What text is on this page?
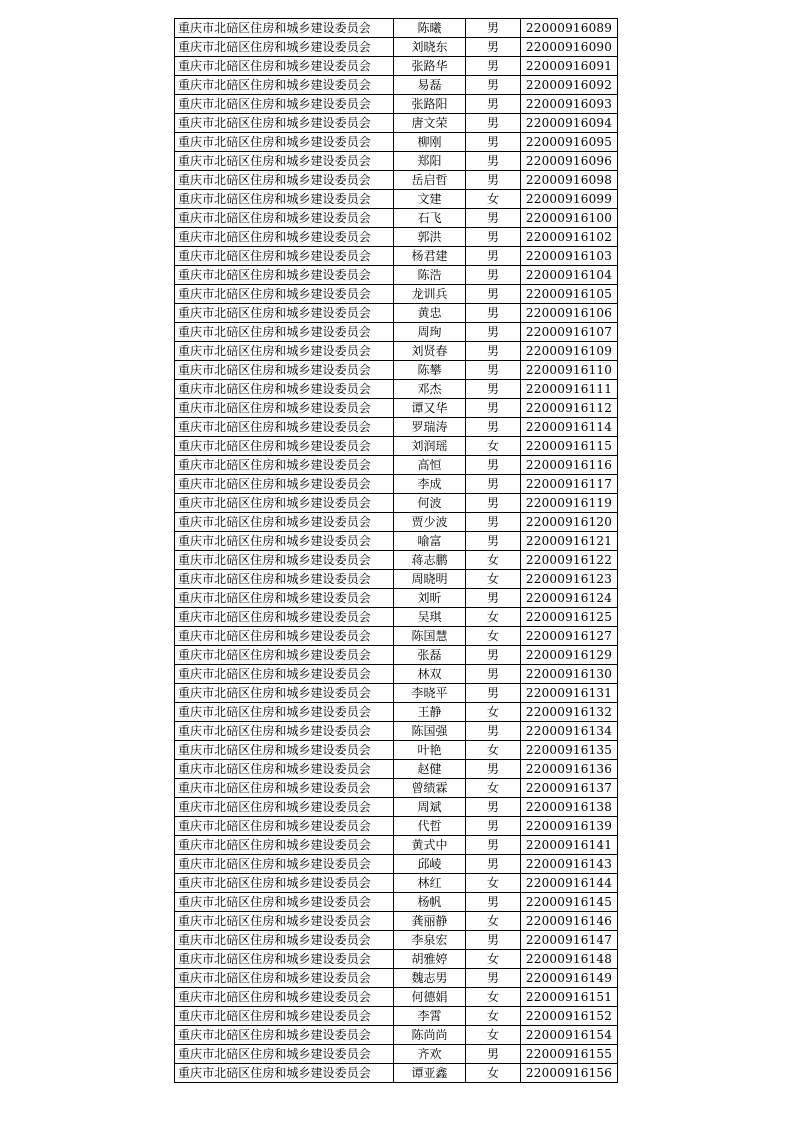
重庆市北碚区住房和城乡建设委员会	陈曦	男	22000916089
重庆市北碚区住房和城乡建设委员会	刘晓东	男	22000916090
重庆市北碚区住房和城乡建设委员会	张路华	男	22000916091
重庆市北碚区住房和城乡建设委员会	易磊	男	22000916092
重庆市北碚区住房和城乡建设委员会	张路阳	男	22000916093
重庆市北碚区住房和城乡建设委员会	唐文荣	男	22000916094
重庆市北碚区住房和城乡建设委员会	柳刚	男	22000916095
重庆市北碚区住房和城乡建设委员会	郑阳	男	22000916096
重庆市北碚区住房和城乡建设委员会	岳启哲	男	22000916098
重庆市北碚区住房和城乡建设委员会	文建	女	22000916099
重庆市北碚区住房和城乡建设委员会	石飞	男	22000916100
重庆市北碚区住房和城乡建设委员会	郭洪	男	22000916102
重庆市北碚区住房和城乡建设委员会	杨君建	男	22000916103
重庆市北碚区住房和城乡建设委员会	陈浩	男	22000916104
重庆市北碚区住房和城乡建设委员会	龙训兵	男	22000916105
重庆市北碚区住房和城乡建设委员会	黄忠	男	22000916106
重庆市北碚区住房和城乡建设委员会	周珣	男	22000916107
重庆市北碚区住房和城乡建设委员会	刘贤春	男	22000916109
重庆市北碚区住房和城乡建设委员会	陈攀	男	22000916110
重庆市北碚区住房和城乡建设委员会	邓杰	男	22000916111
重庆市北碚区住房和城乡建设委员会	谭又华	男	22000916112
重庆市北碚区住房和城乡建设委员会	罗瑞涛	男	22000916114
重庆市北碚区住房和城乡建设委员会	刘润瑶	女	22000916115
重庆市北碚区住房和城乡建设委员会	高恒	男	22000916116
重庆市北碚区住房和城乡建设委员会	李成	男	22000916117
重庆市北碚区住房和城乡建设委员会	何波	男	22000916119
重庆市北碚区住房和城乡建设委员会	贾少波	男	22000916120
重庆市北碚区住房和城乡建设委员会	喻富	男	22000916121
重庆市北碚区住房和城乡建设委员会	蒋志鹏	女	22000916122
重庆市北碚区住房和城乡建设委员会	周晓明	女	22000916123
重庆市北碚区住房和城乡建设委员会	刘昕	男	22000916124
重庆市北碚区住房和城乡建设委员会	吴琪	女	22000916125
重庆市北碚区住房和城乡建设委员会	陈国慧	女	22000916127
重庆市北碚区住房和城乡建设委员会	张磊	男	22000916129
重庆市北碚区住房和城乡建设委员会	林双	男	22000916130
重庆市北碚区住房和城乡建设委员会	李晓平	男	22000916131
重庆市北碚区住房和城乡建设委员会	王静	女	22000916132
重庆市北碚区住房和城乡建设委员会	陈国强	男	22000916134
重庆市北碚区住房和城乡建设委员会	叶艳	女	22000916135
重庆市北碚区住房和城乡建设委员会	赵健	男	22000916136
重庆市北碚区住房和城乡建设委员会	曾绩霖	女	22000916137
重庆市北碚区住房和城乡建设委员会	周斌	男	22000916138
重庆市北碚区住房和城乡建设委员会	代哲	男	22000916139
重庆市北碚区住房和城乡建设委员会	黄式中	男	22000916141
重庆市北碚区住房和城乡建设委员会	邱崚	男	22000916143
重庆市北碚区住房和城乡建设委员会	林红	女	22000916144
重庆市北碚区住房和城乡建设委员会	杨帆	男	22000916145
重庆市北碚区住房和城乡建设委员会	龚丽静	女	22000916146
重庆市北碚区住房和城乡建设委员会	李泉宏	男	22000916147
重庆市北碚区住房和城乡建设委员会	胡雅婷	女	22000916148
重庆市北碚区住房和城乡建设委员会	魏志男	男	22000916149
重庆市北碚区住房和城乡建设委员会	何德娟	女	22000916151
重庆市北碚区住房和城乡建设委员会	李霄	女	22000916152
重庆市北碚区住房和城乡建设委员会	陈尚尚	女	22000916154
重庆市北碚区住房和城乡建设委员会	齐欢	男	22000916155
重庆市北碚区住房和城乡建设委员会	谭亚鑫	女	22000916156
